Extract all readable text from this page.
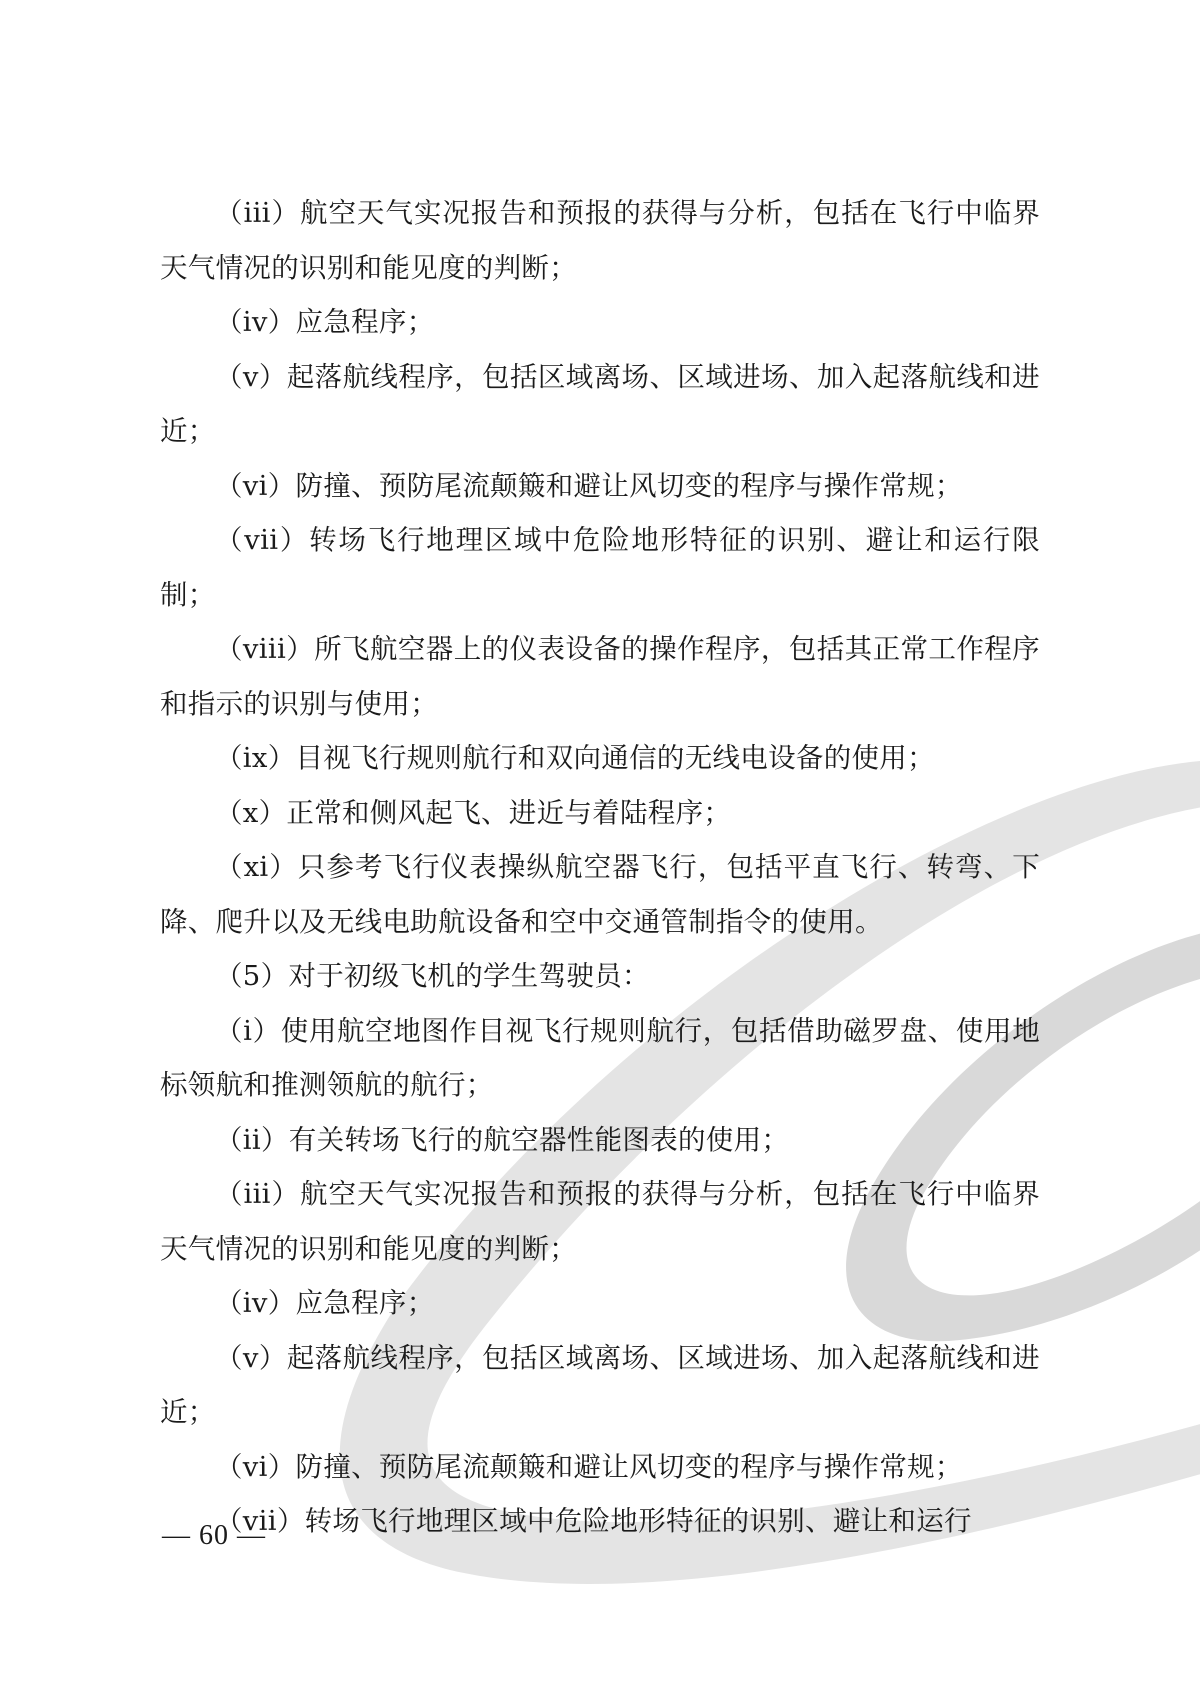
（iii）航空天气实况报告和预报的获得与分析，包括在飞行中临界天气情况的识别和能见度的判断；

（iv）应急程序；

（v）起落航线程序，包括区域离场、区域进场、加入起落航线和进近；

（vi）防撞、预防尾流颠簸和避让风切变的程序与操作常规；

（vii）转场飞行地理区域中危险地形特征的识别、避让和运行限制；

（viii）所飞航空器上的仪表设备的操作程序，包括其正常工作程序和指示的识别与使用；

（ix）目视飞行规则航行和双向通信的无线电设备的使用；

（x）正常和侧风起飞、进近与着陆程序；

（xi）只参考飞行仪表操纵航空器飞行，包括平直飞行、转弯、下降、爬升以及无线电助航设备和空中交通管制指令的使用。

（5）对于初级飞机的学生驾驶员：

（i）使用航空地图作目视飞行规则航行，包括借助磁罗盘、使用地标领航和推测领航的航行；

（ii）有关转场飞行的航空器性能图表的使用；

（iii）航空天气实况报告和预报的获得与分析，包括在飞行中临界天气情况的识别和能见度的判断；

（iv）应急程序；

（v）起落航线程序，包括区域离场、区域进场、加入起落航线和进近；

（vi）防撞、预防尾流颠簸和避让风切变的程序与操作常规；

（vii）转场飞行地理区域中危险地形特征的识别、避让和运行

— 60 —
